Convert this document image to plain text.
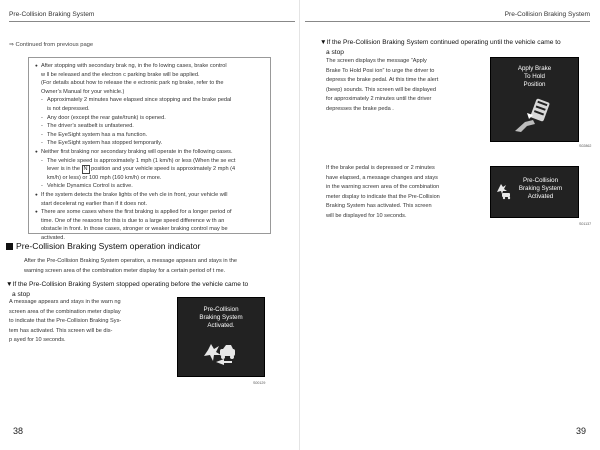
Pre-Collision Braking System
⇒ Continued from previous page
● After stopping with secondary brak ng, in the fo lowing cases, brake control
w ll be released and the electron c parking brake will be applied.
(For details about how to release the e ectronic park ng brake, refer to the
Owner’s Manual for your vehicle.)
- Approximately 2 minutes have elapsed since stopping and the brake pedal
is not depressed.
- Any door (except the rear gate/trunk) is opened.
- The driver’s seatbelt is unfastened.
- The EyeSight system has a ma function.
- The EyeSight system has stopped temporarily.
● Neither first braking nor secondary braking will operate in the following cases.
- The vehicle speed is approximately 1 mph (1 km/h) or less (When the se ect
lever is in the N position and your vehicle speed is approximately 2 mph (4
km/h) or less) or 100 mph (160 km/h) or more.
- Vehicle Dynamics Cortrol is active.
● If the system detects the brake lights of the veh cle in front, your vehicle will
start decelerat ng earlier than if it does not.
● There are some cases where the first braking is applied for a longer period of
time. One of the reasons for this is due to a large speed difference w th an
obstacle in front. In those cases, stronger or weaker braking control may be
activated.
Pre-Collision Braking System operation indicator
After the Pre-Collision Braking System operation, a message appears and stays in the
warning screen area of the combination meter display for a certain period of t me.
▼If the Pre-Collision Braking System stopped operating before the vehicle came to
a stop
A message appears and stays in the warn ng
screen area of the combination meter display
to indicate that the Pre-Collision Braking Sys-
tem has activated. This screen will be dis-
p ayed for 10 seconds.
Pre-Collision
Braking System
Activated.
S00129
38
Pre-Collision Braking System
▼If the Pre-Collision Braking System continued operating until the vehicle came to
a stop
The screen displays the message “Apply
Brake To Hold Posi ion” to urge the driver to
depress the brake pedal. At this time the alert
(beep) sounds. This screen will be displayed
for approximately 2 minutes until the driver
depresses the brake peda .
Apply Brake
To Hold
Position
S02862
If the brake pedal is depressed or 2 minutes
have elapsed, a message changes and stays
in the warning screen area of the combination
meter display to indicate that the Pre-Collision
Braking System has activated. This screen
will be displayed for 10 seconds.
Pre-Collision
Braking System
Activated
S01137
39
